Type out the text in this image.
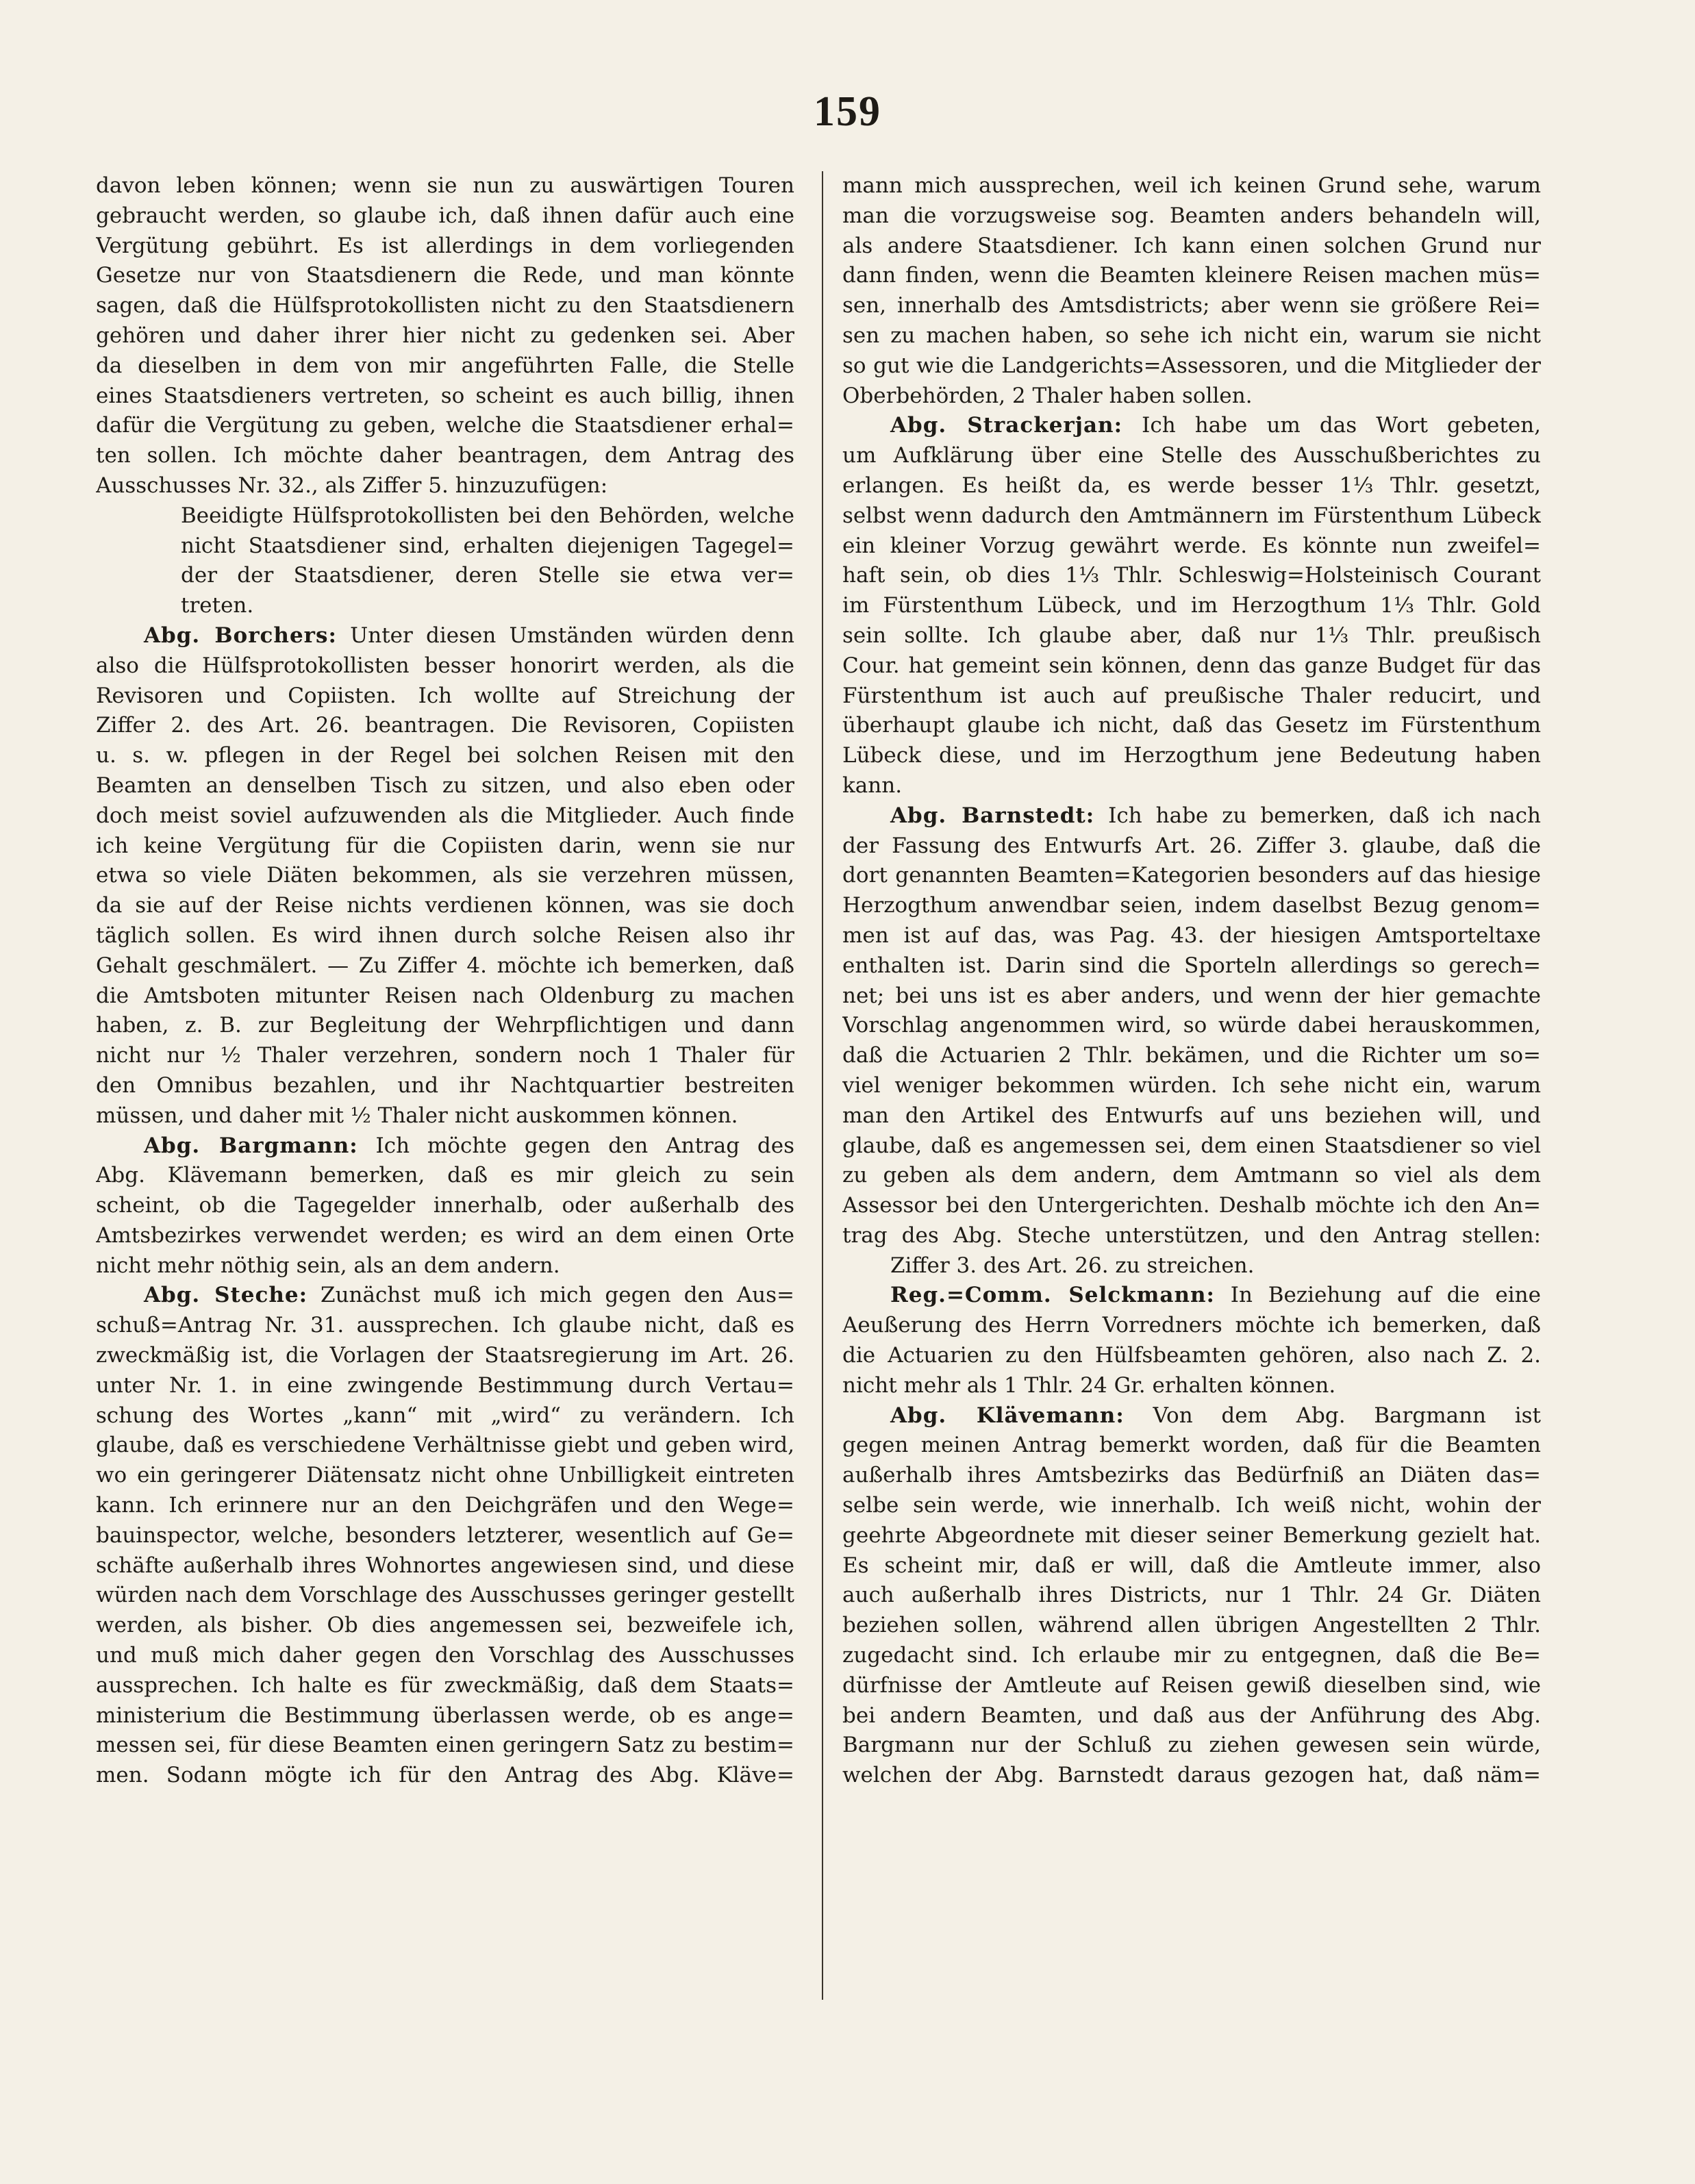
159
davon leben können; wenn sie nun zu auswärtigen Touren
gebraucht werden, so glaube ich, daß ihnen dafür auch eine
Vergütung gebührt. Es ist allerdings in dem vorliegenden
Gesetze nur von Staatsdienern die Rede, und man könnte
sagen, daß die Hülfsprotokollisten nicht zu den Staatsdienern
gehören und daher ihrer hier nicht zu gedenken sei. Aber
da dieselben in dem von mir angeführten Falle, die Stelle
eines Staatsdieners vertreten, so scheint es auch billig, ihnen
dafür die Vergütung zu geben, welche die Staatsdiener erhal=
ten sollen. Ich möchte daher beantragen, dem Antrag des
Ausschusses Nr. 32., als Ziffer 5. hinzuzufügen:
Beeidigte Hülfsprotokollisten bei den Behörden, welche
nicht Staatsdiener sind, erhalten diejenigen Tagegel=
der der Staatsdiener, deren Stelle sie etwa ver=
treten.
Abg. Borchers: Unter diesen Umständen würden denn
also die Hülfsprotokollisten besser honorirt werden, als die
Revisoren und Copiisten. Ich wollte auf Streichung der
Ziffer 2. des Art. 26. beantragen. Die Revisoren, Copiisten
u. s. w. pflegen in der Regel bei solchen Reisen mit den
Beamten an denselben Tisch zu sitzen, und also eben oder
doch meist soviel aufzuwenden als die Mitglieder. Auch finde
ich keine Vergütung für die Copiisten darin, wenn sie nur
etwa so viele Diäten bekommen, als sie verzehren müssen,
da sie auf der Reise nichts verdienen können, was sie doch
täglich sollen. Es wird ihnen durch solche Reisen also ihr
Gehalt geschmälert. — Zu Ziffer 4. möchte ich bemerken, daß
die Amtsboten mitunter Reisen nach Oldenburg zu machen
haben, z. B. zur Begleitung der Wehrpflichtigen und dann
nicht nur ½ Thaler verzehren, sondern noch 1 Thaler für
den Omnibus bezahlen, und ihr Nachtquartier bestreiten
müssen, und daher mit ½ Thaler nicht auskommen können.
Abg. Bargmann: Ich möchte gegen den Antrag des
Abg. Klävemann bemerken, daß es mir gleich zu sein
scheint, ob die Tagegelder innerhalb, oder außerhalb des
Amtsbezirkes verwendet werden; es wird an dem einen Orte
nicht mehr nöthig sein, als an dem andern.
Abg. Steche: Zunächst muß ich mich gegen den Aus=
schuß=Antrag Nr. 31. aussprechen. Ich glaube nicht, daß es
zweckmäßig ist, die Vorlagen der Staatsregierung im Art. 26.
unter Nr. 1. in eine zwingende Bestimmung durch Vertau=
schung des Wortes „kann“ mit „wird“ zu verändern. Ich
glaube, daß es verschiedene Verhältnisse giebt und geben wird,
wo ein geringerer Diätensatz nicht ohne Unbilligkeit eintreten
kann. Ich erinnere nur an den Deichgräfen und den Wege=
bauinspector, welche, besonders letzterer, wesentlich auf Ge=
schäfte außerhalb ihres Wohnortes angewiesen sind, und diese
würden nach dem Vorschlage des Ausschusses geringer gestellt
werden, als bisher. Ob dies angemessen sei, bezweifele ich,
und muß mich daher gegen den Vorschlag des Ausschusses
aussprechen. Ich halte es für zweckmäßig, daß dem Staats=
ministerium die Bestimmung überlassen werde, ob es ange=
messen sei, für diese Beamten einen geringern Satz zu bestim=
men. Sodann mögte ich für den Antrag des Abg. Kläve=
mann mich aussprechen, weil ich keinen Grund sehe, warum
man die vorzugsweise sog. Beamten anders behandeln will,
als andere Staatsdiener. Ich kann einen solchen Grund nur
dann finden, wenn die Beamten kleinere Reisen machen müs=
sen, innerhalb des Amtsdistricts; aber wenn sie größere Rei=
sen zu machen haben, so sehe ich nicht ein, warum sie nicht
so gut wie die Landgerichts=Assessoren, und die Mitglieder der
Oberbehörden, 2 Thaler haben sollen.
Abg. Strackerjan: Ich habe um das Wort gebeten,
um Aufklärung über eine Stelle des Ausschußberichtes zu
erlangen. Es heißt da, es werde besser 1⅓ Thlr. gesetzt,
selbst wenn dadurch den Amtmännern im Fürstenthum Lübeck
ein kleiner Vorzug gewährt werde. Es könnte nun zweifel=
haft sein, ob dies 1⅓ Thlr. Schleswig=Holsteinisch Courant
im Fürstenthum Lübeck, und im Herzogthum 1⅓ Thlr. Gold
sein sollte. Ich glaube aber, daß nur 1⅓ Thlr. preußisch
Cour. hat gemeint sein können, denn das ganze Budget für das
Fürstenthum ist auch auf preußische Thaler reducirt, und
überhaupt glaube ich nicht, daß das Gesetz im Fürstenthum
Lübeck diese, und im Herzogthum jene Bedeutung haben
kann.
Abg. Barnstedt: Ich habe zu bemerken, daß ich nach
der Fassung des Entwurfs Art. 26. Ziffer 3. glaube, daß die
dort genannten Beamten=Kategorien besonders auf das hiesige
Herzogthum anwendbar seien, indem daselbst Bezug genom=
men ist auf das, was Pag. 43. der hiesigen Amtsporteltaxe
enthalten ist. Darin sind die Sporteln allerdings so gerech=
net; bei uns ist es aber anders, und wenn der hier gemachte
Vorschlag angenommen wird, so würde dabei herauskommen,
daß die Actuarien 2 Thlr. bekämen, und die Richter um so=
viel weniger bekommen würden. Ich sehe nicht ein, warum
man den Artikel des Entwurfs auf uns beziehen will, und
glaube, daß es angemessen sei, dem einen Staatsdiener so viel
zu geben als dem andern, dem Amtmann so viel als dem
Assessor bei den Untergerichten. Deshalb möchte ich den An=
trag des Abg. Steche unterstützen, und den Antrag stellen:
Ziffer 3. des Art. 26. zu streichen.
Reg.=Comm. Selckmann: In Beziehung auf die eine
Aeußerung des Herrn Vorredners möchte ich bemerken, daß
die Actuarien zu den Hülfsbeamten gehören, also nach Z. 2.
nicht mehr als 1 Thlr. 24 Gr. erhalten können.
Abg. Klävemann: Von dem Abg. Bargmann ist
gegen meinen Antrag bemerkt worden, daß für die Beamten
außerhalb ihres Amtsbezirks das Bedürfniß an Diäten das=
selbe sein werde, wie innerhalb. Ich weiß nicht, wohin der
geehrte Abgeordnete mit dieser seiner Bemerkung gezielt hat.
Es scheint mir, daß er will, daß die Amtleute immer, also
auch außerhalb ihres Districts, nur 1 Thlr. 24 Gr. Diäten
beziehen sollen, während allen übrigen Angestellten 2 Thlr.
zugedacht sind. Ich erlaube mir zu entgegnen, daß die Be=
dürfnisse der Amtleute auf Reisen gewiß dieselben sind, wie
bei andern Beamten, und daß aus der Anführung des Abg.
Bargmann nur der Schluß zu ziehen gewesen sein würde,
welchen der Abg. Barnstedt daraus gezogen hat, daß näm=
